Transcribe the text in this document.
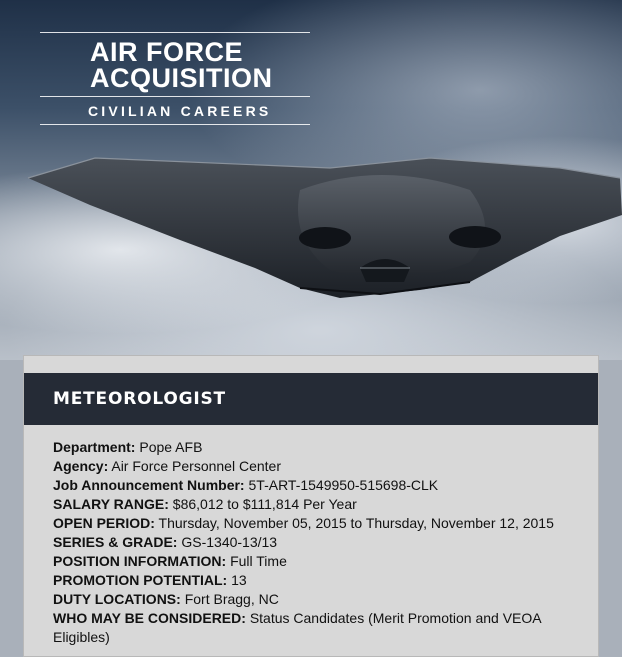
AIR FORCE
ACQUISITION
CIVILIAN CAREERS
METEOROLOGIST
Department: Pope AFB
Agency: Air Force Personnel Center
Job Announcement Number: 5T-ART-1549950-515698-CLK
SALARY RANGE: $86,012 to $111,814 Per Year
OPEN PERIOD: Thursday, November 05, 2015 to Thursday, November 12, 2015
SERIES & GRADE: GS-1340-13/13
POSITION INFORMATION: Full Time
PROMOTION POTENTIAL: 13
DUTY LOCATIONS: Fort Bragg, NC
WHO MAY BE CONSIDERED: Status Candidates (Merit Promotion and VEOA Eligibles)
